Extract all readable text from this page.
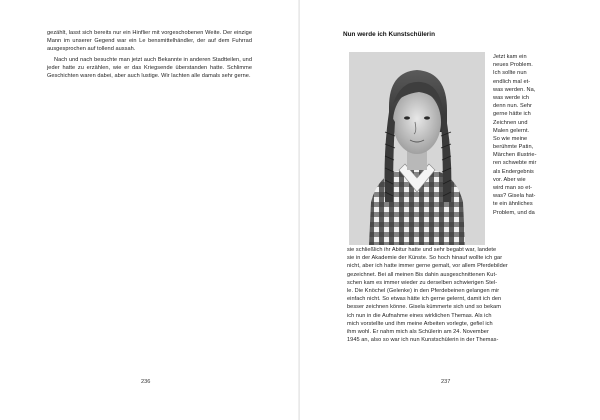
gezählt, lasst sich bereits nur ein Hinflier mit vorgeschobenen Weite. Der einzige Mann im unserer Gegend war ein Le bensmittelhändler, der auf dem Fuhrrad ausgesprochen auf tollend aussah.

Nach und nach besuchte man jetzt auch Bekannte in anderen Stadtteilen, und jeder hatte zu erzählen, wie er das Kriegsende überstanden hatte. Schlimme Geschichten waren dabei, aber auch lustige. Wir lachten alle damals sehr gerne.

236

Nun werde ich Kunstschülerin
Jetzt kam ein
neues Problem.
Ich sollte nun
endlich mal et-
was werden. Na,
was werde ich
denn nun. Sehr
gerne hätte ich
Zeichnen und
Malen gelernt.
So wie meine
berühmte Patin,
Märchen illustrie-
ren schwebte mir
als Endergebnis
vor. Aber wie
wird man so et-
was? Gisela hat-
te ein ähnliches
Problem, und da
sie schließlich ihr Abitur hatte und sehr begabt war, landete
sie in der Akademie der Künste. So hoch hinauf wollte ich gar
nicht, aber ich hatte immer gerne gemalt, vor allem Pferdebilder
gezeichnet. Bei all meinen Bis dahin ausgeschnittenen Kut-
schen kam es immer wieder zu derselben schwierigen Stel-
le. Die Knöchel (Gelenke) in den Pferdebeinen gelangen mir
einfach nicht. So etwas hätte ich gerne gelernt, damit ich den
besser zeichnen könne. Gisela kümmerte sich und so bekam
ich nun in die Aufnahme eines wirklichen Themas. Als ich
mich vorstellte und ihm meine Arbeiten vorlegte, gefiel ich
ihm wohl. Er nahm mich als Schülerin am 24. November
1945 an, also so war ich nun Kunstschülerin in der Themas-

237
